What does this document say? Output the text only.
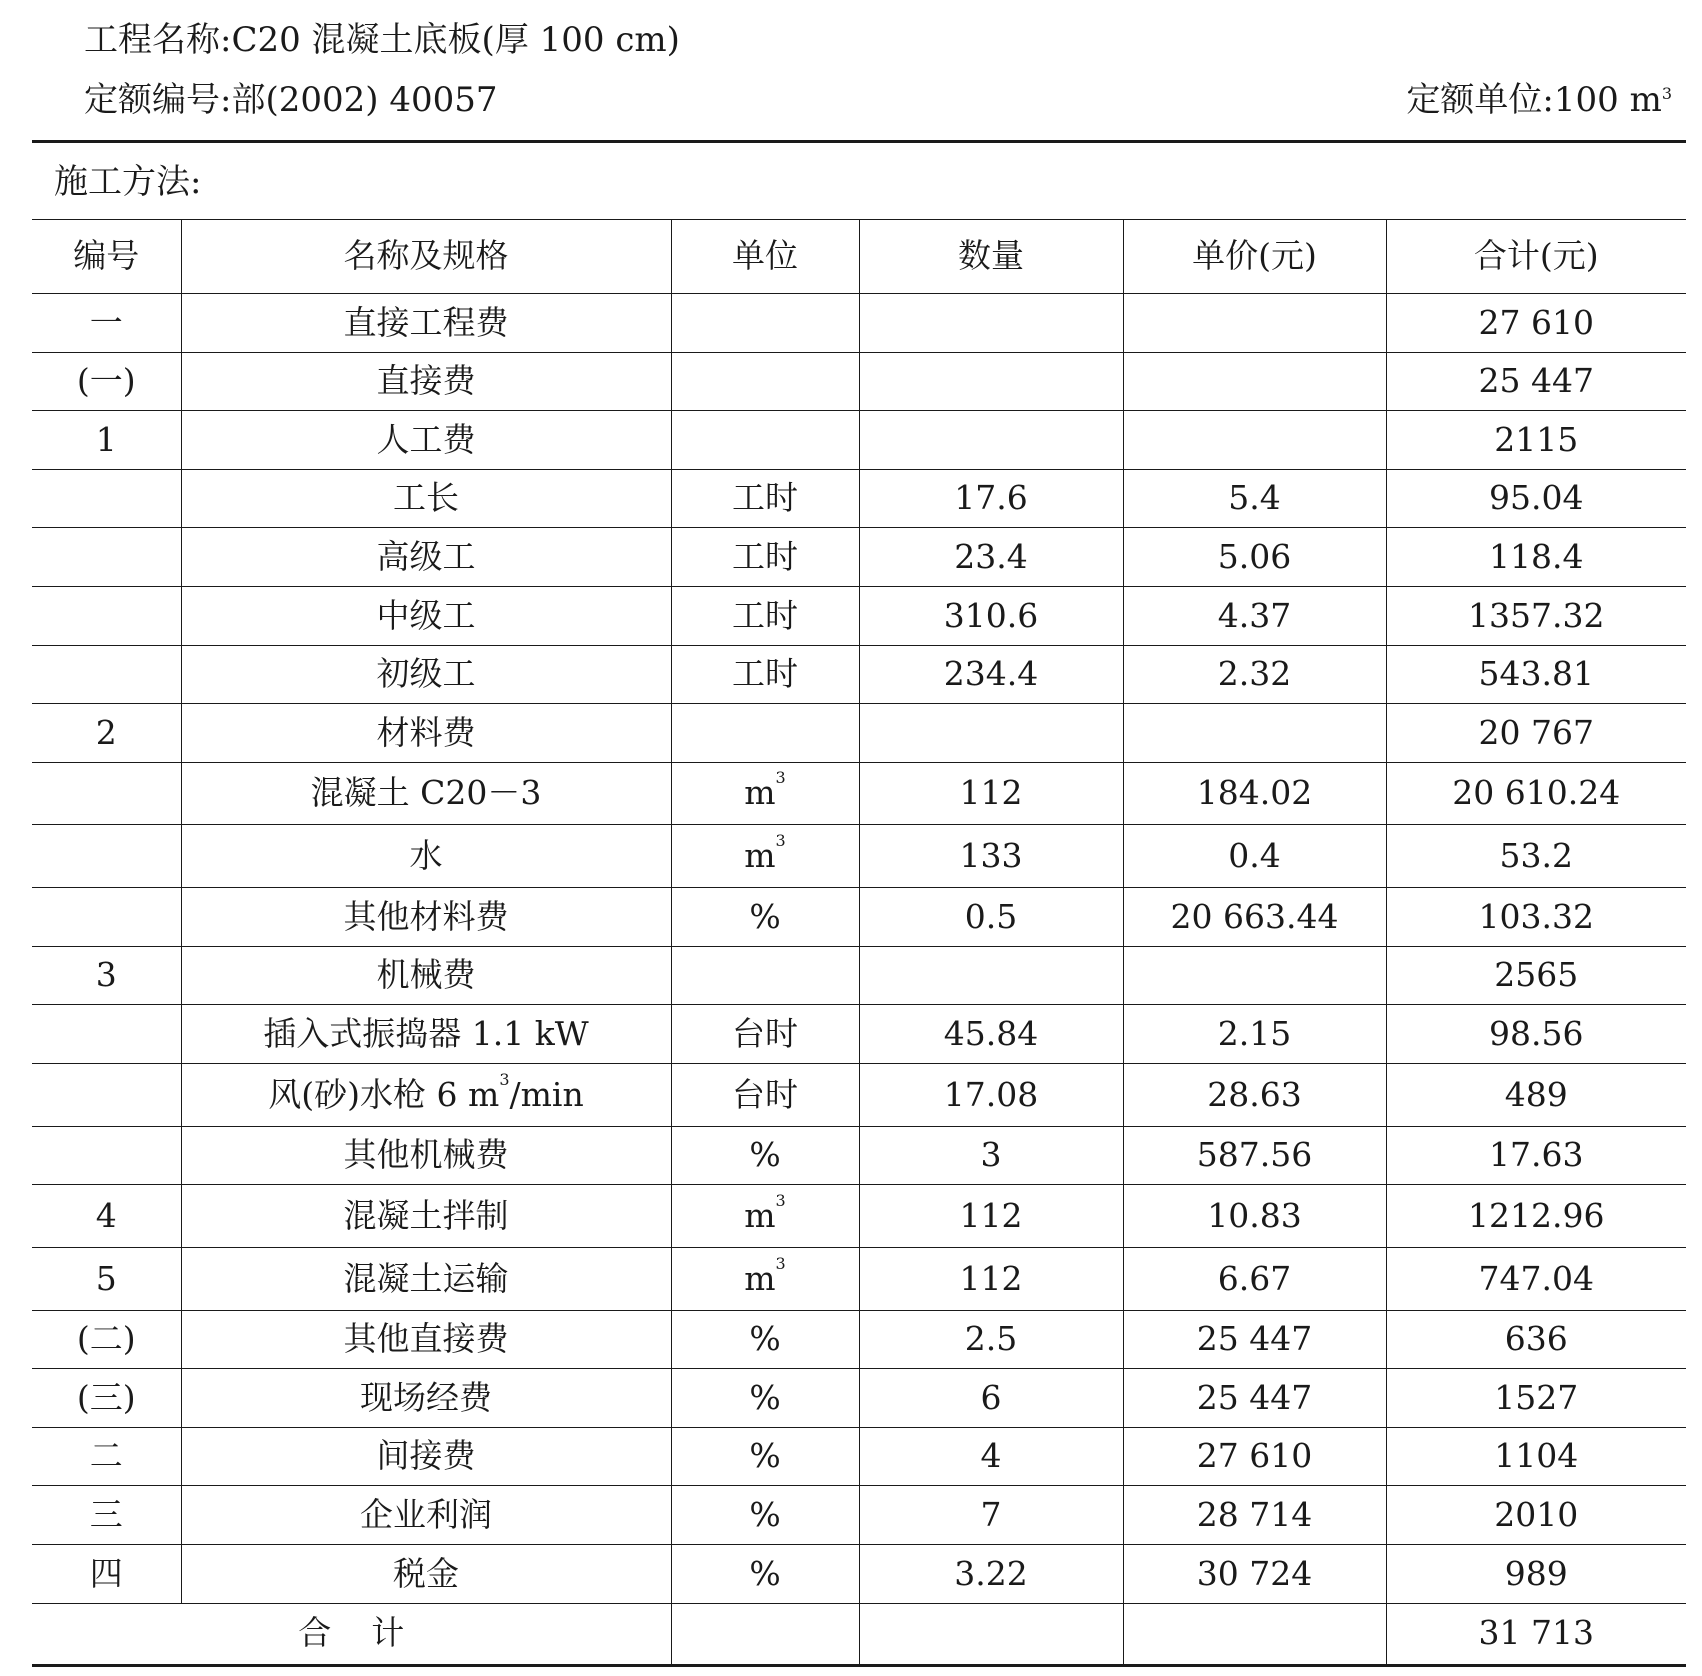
工程名称:C20 混凝土底板(厚 100 cm)
定额编号:部(2002) 40057	定额单位:100 $m^3$
施工方法:
编号	名称及规格	单位	数量	单价(元)	合计(元)
一	直接工程费				27 610
(一)	直接费				25 447
1	人工费				2115
	工长	工时	17.6	5.4	95.04
	高级工	工时	23.4	5.06	118.4
	中级工	工时	310.6	4.37	1357.32
	初级工	工时	234.4	2.32	543.81
2	材料费				20 767
	混凝土 C20－3	$m^3$	112	184.02	20 610.24
	水	$m^3$	133	0.4	53.2
	其他材料费	%	0.5	20 663.44	103.32
3	机械费				2565
	插入式振捣器 1.1 kW	台时	45.84	2.15	98.56
	风(砂)水枪 6 $m^3/\min$	台时	17.08	28.63	489
	其他机械费	%	3	587.56	17.63
4	混凝土拌制	$m^3$	112	10.83	1212.96
5	混凝土运输	$m^3$	112	6.67	747.04
(二)	其他直接费	%	2.5	25 447	636
(三)	现场经费	%	6	25 447	1527
二	间接费	%	4	27 610	1104
三	企业利润	%	7	28 714	2010
四	税金	%	3.22	30 724	989
合计					31 713
